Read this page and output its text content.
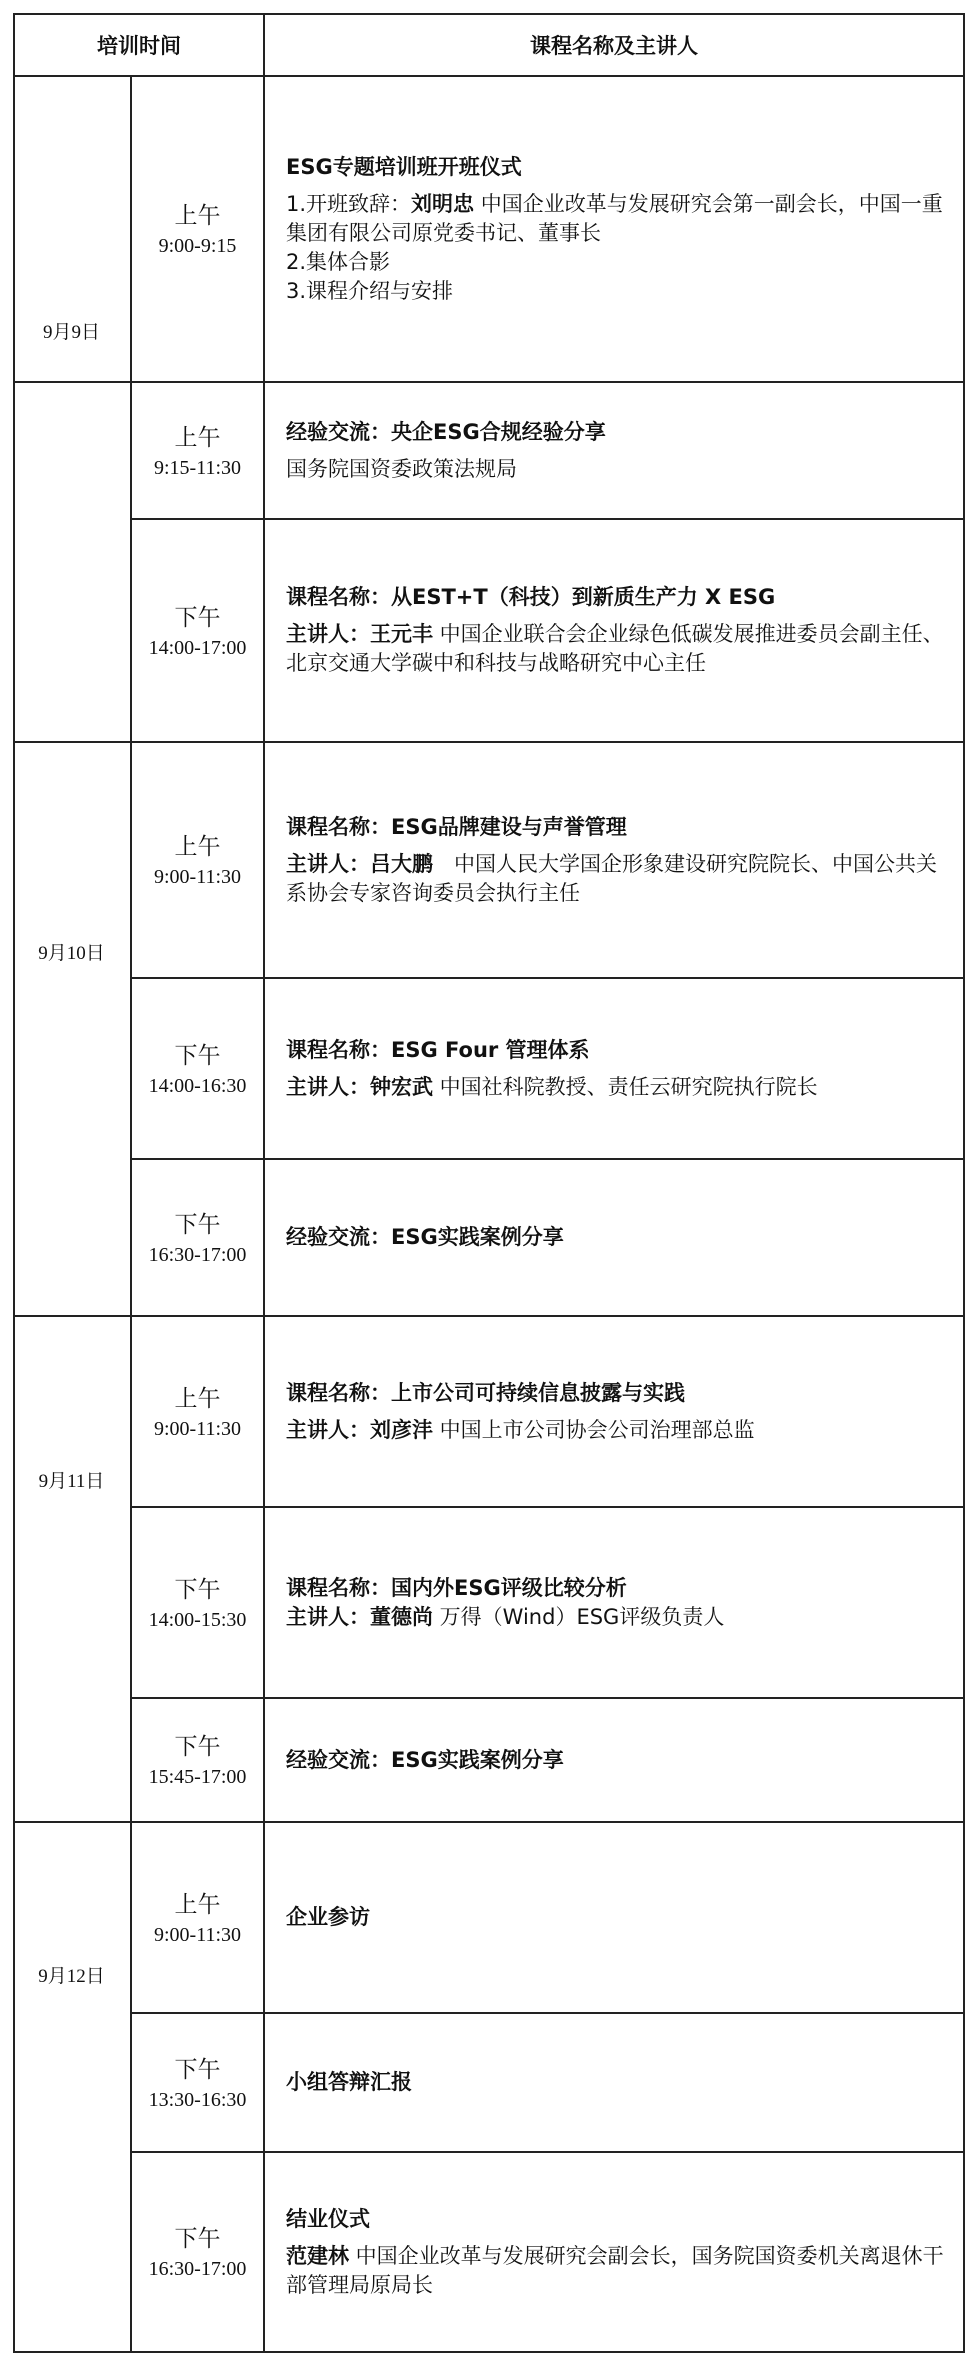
培训时间	课程名称及主讲人
9月9日
9月10日
9月11日
9月12日
上午
9:00-9:15
ESG专题培训班开班仪式
1.开班致辞：刘明忠 中国企业改革与发展研究会第一副会长，中国一重集团有限公司原党委书记、董事长
2.集体合影
3.课程介绍与安排
上午
9:15-11:30
经验交流：央企ESG合规经验分享
国务院国资委政策法规局
下午
14:00-17:00
课程名称：从EST+T（科技）到新质生产力 X ESG
主讲人：王元丰 中国企业联合会企业绿色低碳发展推进委员会副主任、北京交通大学碳中和科技与战略研究中心主任
上午
9:00-11:30
课程名称：ESG品牌建设与声誉管理
主讲人：吕大鹏　中国人民大学国企形象建设研究院院长、中国公共关系协会专家咨询委员会执行主任
下午
14:00-16:30
课程名称：ESG Four 管理体系
主讲人：钟宏武 中国社科院教授、责任云研究院执行院长
下午
16:30-17:00
经验交流：ESG实践案例分享
上午
9:00-11:30
课程名称：上市公司可持续信息披露与实践
主讲人：刘彦沣 中国上市公司协会公司治理部总监
下午
14:00-15:30
课程名称：国内外ESG评级比较分析
主讲人：董德尚 万得（Wind）ESG评级负责人
下午
15:45-17:00
经验交流：ESG实践案例分享
上午
9:00-11:30
企业参访
下午
13:30-16:30
小组答辩汇报
下午
16:30-17:00
结业仪式
范建林 中国企业改革与发展研究会副会长，国务院国资委机关离退休干部管理局原局长
